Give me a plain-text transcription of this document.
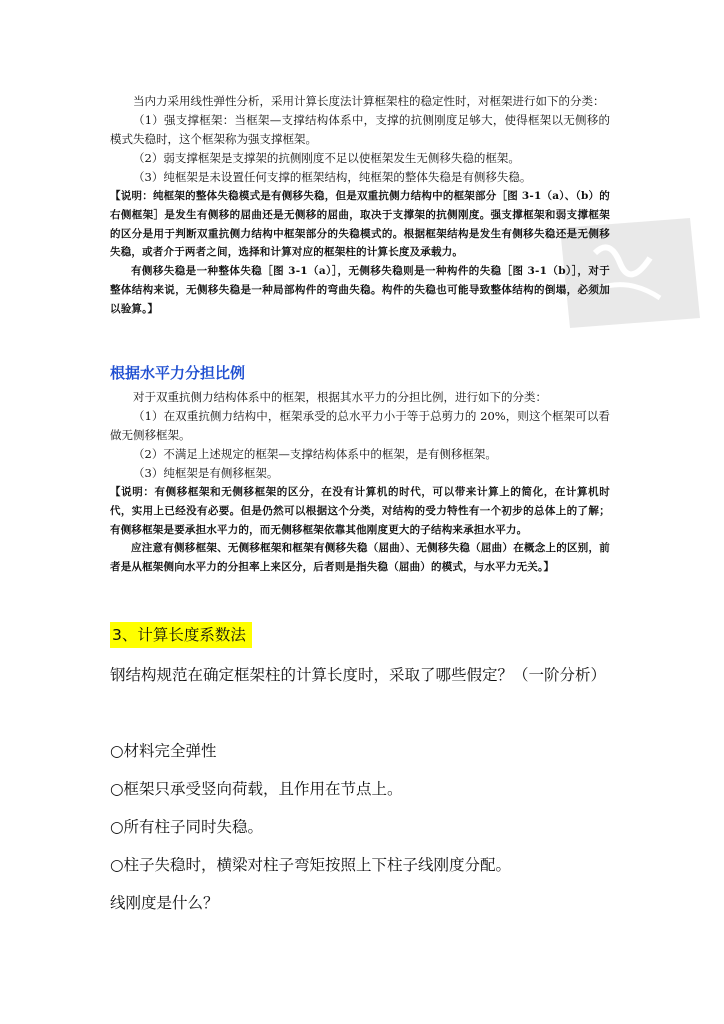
当内力采用线性弹性分析，采用计算长度法计算框架柱的稳定性时，对框架进行如下的分类：

（1）强支撑框架：当框架—支撑结构体系中，支撑的抗侧刚度足够大，使得框架以无侧移的模式失稳时，这个框架称为强支撑框架。

（2）弱支撑框架是支撑架的抗侧刚度不足以使框架发生无侧移失稳的框架。

（3）纯框架是未设置任何支撑的框架结构，纯框架的整体失稳是有侧移失稳。

【说明：纯框架的整体失稳模式是有侧移失稳，但是双重抗侧力结构中的框架部分［图 3-1（a）、（b）的右侧框架］是发生有侧移的屈曲还是无侧移的屈曲，取决于支撑架的抗侧刚度。强支撑框架和弱支撑框架的区分是用于判断双重抗侧力结构中框架部分的失稳模式的。根据框架结构是发生有侧移失稳还是无侧移失稳，或者介于两者之间，选择和计算对应的框架柱的计算长度及承载力。

有侧移失稳是一种整体失稳［图 3-1（a）］，无侧移失稳则是一种构件的失稳［图 3-1（b）］，对于整体结构来说，无侧移失稳是一种局部构件的弯曲失稳。构件的失稳也可能导致整体结构的倒塌，必须加以验算。】

根据水平力分担比例

对于双重抗侧力结构体系中的框架，根据其水平力的分担比例，进行如下的分类：

（1）在双重抗侧力结构中，框架承受的总水平力小于等于总剪力的 20%，则这个框架可以看做无侧移框架。

（2）不满足上述规定的框架—支撑结构体系中的框架，是有侧移框架。

（3）纯框架是有侧移框架。

【说明：有侧移框架和无侧移框架的区分，在没有计算机的时代，可以带来计算上的简化，在计算机时代，实用上已经没有必要。但是仍然可以根据这个分类，对结构的受力特性有一个初步的总体上的了解；有侧移框架是要承担水平力的，而无侧移框架依靠其他刚度更大的子结构来承担水平力。

应注意有侧移框架、无侧移框架和框架有侧移失稳（屈曲）、无侧移失稳（屈曲）在概念上的区别，前者是从框架侧向水平力的分担率上来区分，后者则是指失稳（屈曲）的模式，与水平力无关。】

3、计算长度系数法

钢结构规范在确定框架柱的计算长度时，采取了哪些假定？（一阶分析）

○材料完全弹性

○框架只承受竖向荷载，且作用在节点上。

○所有柱子同时失稳。

○柱子失稳时，横梁对柱子弯矩按照上下柱子线刚度分配。

线刚度是什么？
